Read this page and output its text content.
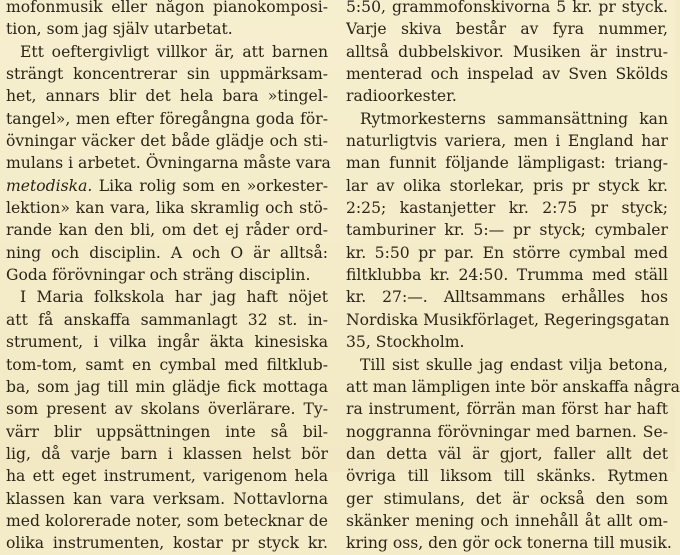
mofonmusik eller någon pianokomposi-
tion, som jag själv utarbetat.
Ett oeftergivligt villkor är, att barnen
strängt koncentrerar sin uppmärksam-
het, annars blir det hela bara »tingel-
tangel», men efter föregångna goda för-
övningar väcker det både glädje och sti-
mulans i arbetet. Övningarna måste vara
metodiska. Lika rolig som en »orkester-
lektion» kan vara, lika skramlig och stö-
rande kan den bli, om det ej råder ord-
ning och disciplin. A och O är alltså:
Goda förövningar och sträng disciplin.
I Maria folkskola har jag haft nöjet
att få anskaffa sammanlagt 32 st. in-
strument, i vilka ingår äkta kinesiska
tom-tom, samt en cymbal med filtklub-
ba, som jag till min glädje fick mottaga
som present av skolans överlärare. Ty-
värr blir uppsättningen inte så bil-
lig, då varje barn i klassen helst bör
ha ett eget instrument, varigenom hela
klassen kan vara verksam. Nottavlorna
med kolorerade noter, som betecknar de
olika instrumenten, kostar pr styck kr.
5:50, grammofonskivorna 5 kr. pr styck.
Varje skiva består av fyra nummer,
alltså dubbelskivor. Musiken är instru-
menterad och inspelad av Sven Skölds
radioorkester.
Rytmorkesterns sammansättning kan
naturligtvis variera, men i England har
man funnit följande lämpligast: triang-
lar av olika storlekar, pris pr styck kr.
2:25; kastanjetter kr. 2:75 pr styck;
tamburiner kr. 5:— pr styck; cymbaler
kr. 5:50 pr par. En större cymbal med
filtklubba kr. 24:50. Trumma med ställ
kr. 27:—. Alltsammans erhålles hos
Nordiska Musikförlaget, Regeringsgatan
35, Stockholm.
Till sist skulle jag endast vilja betona,
att man lämpligen inte bör anskaffa några
ra instrument, förrän man först har haft
noggranna förövningar med barnen. Se-
dan detta väl är gjort, faller allt det
övriga till liksom till skänks. Rytmen
ger stimulans, det är också den som
skänker mening och innehåll åt allt om-
kring oss, den gör ock tonerna till musik.
